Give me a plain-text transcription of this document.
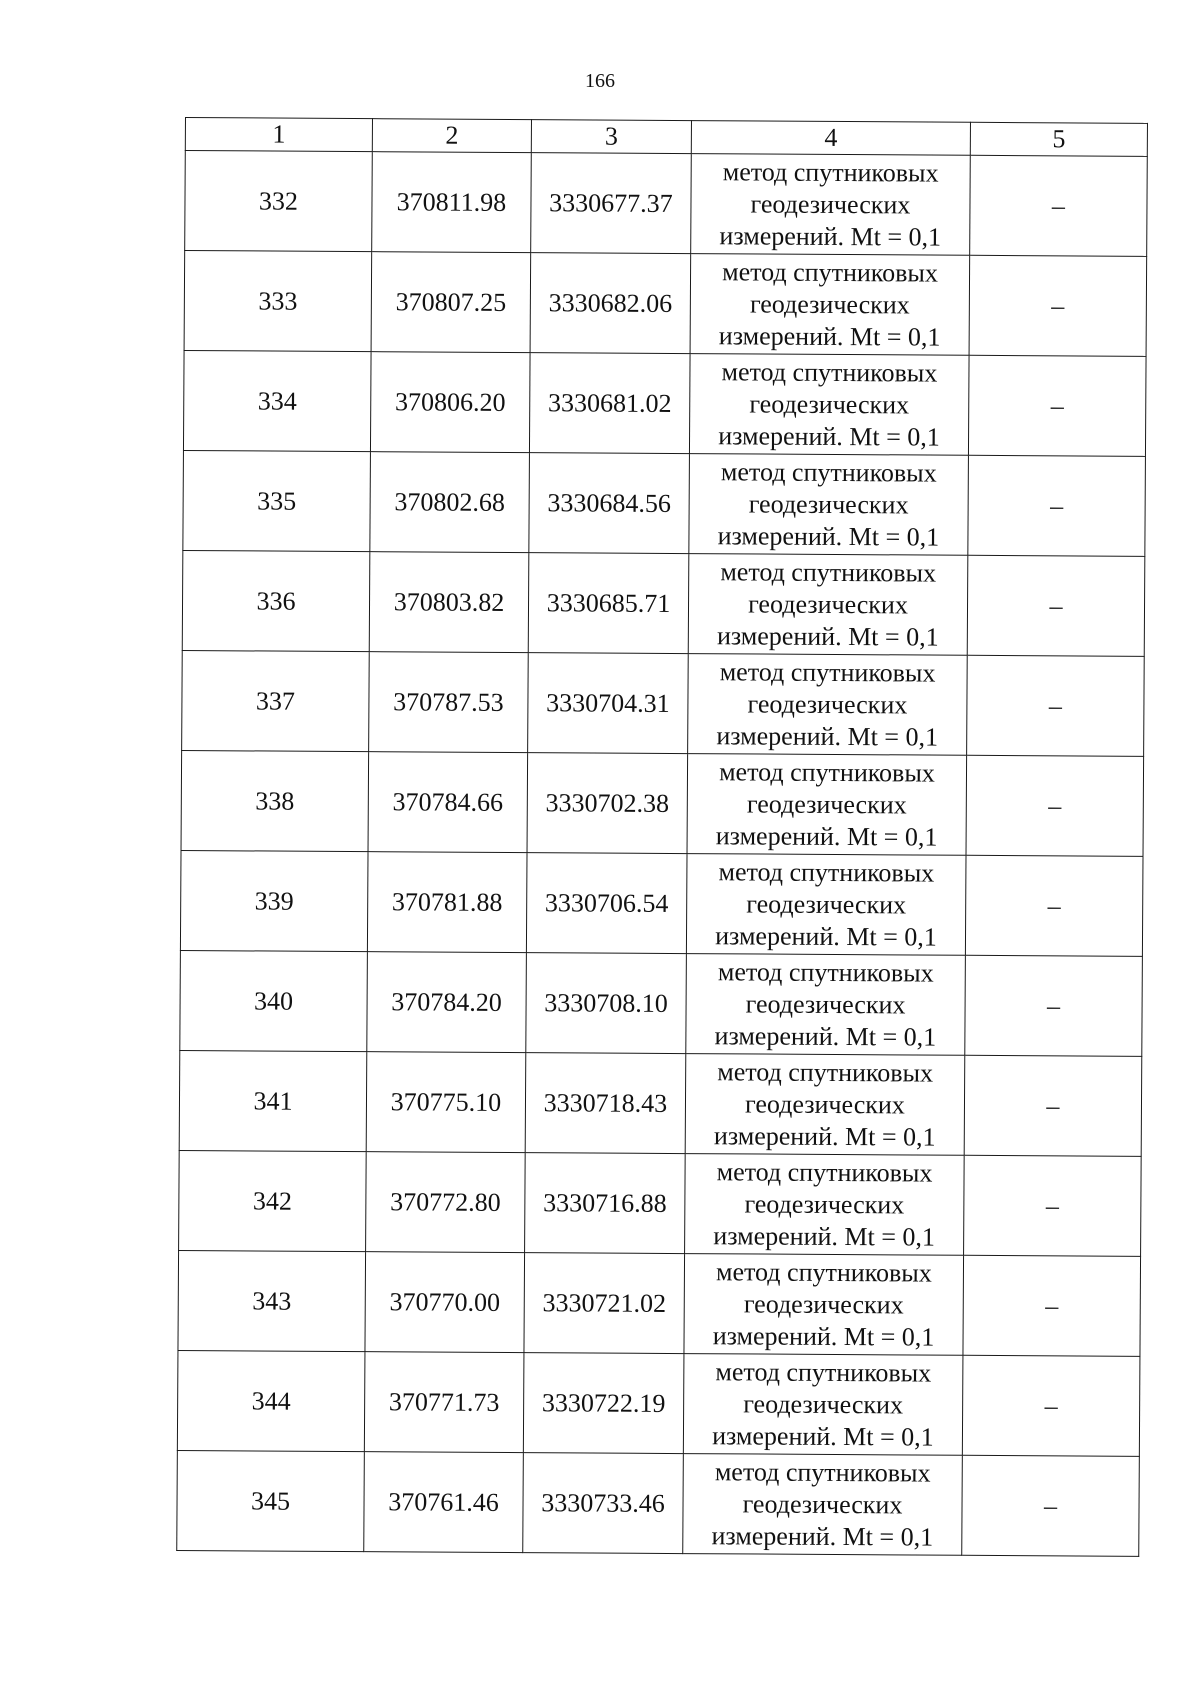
166
1	2	3	4	5
332	370811.98	3330677.37	метод спутниковых
геодезических
измерений. Mt = 0,1	–
333	370807.25	3330682.06	метод спутниковых
геодезических
измерений. Mt = 0,1	–
334	370806.20	3330681.02	метод спутниковых
геодезических
измерений. Mt = 0,1	–
335	370802.68	3330684.56	метод спутниковых
геодезических
измерений. Mt = 0,1	–
336	370803.82	3330685.71	метод спутниковых
геодезических
измерений. Mt = 0,1	–
337	370787.53	3330704.31	метод спутниковых
геодезических
измерений. Mt = 0,1	–
338	370784.66	3330702.38	метод спутниковых
геодезических
измерений. Mt = 0,1	–
339	370781.88	3330706.54	метод спутниковых
геодезических
измерений. Mt = 0,1	–
340	370784.20	3330708.10	метод спутниковых
геодезических
измерений. Mt = 0,1	–
341	370775.10	3330718.43	метод спутниковых
геодезических
измерений. Mt = 0,1	–
342	370772.80	3330716.88	метод спутниковых
геодезических
измерений. Mt = 0,1	–
343	370770.00	3330721.02	метод спутниковых
геодезических
измерений. Mt = 0,1	–
344	370771.73	3330722.19	метод спутниковых
геодезических
измерений. Mt = 0,1	–
345	370761.46	3330733.46	метод спутниковых
геодезических
измерений. Mt = 0,1	–
